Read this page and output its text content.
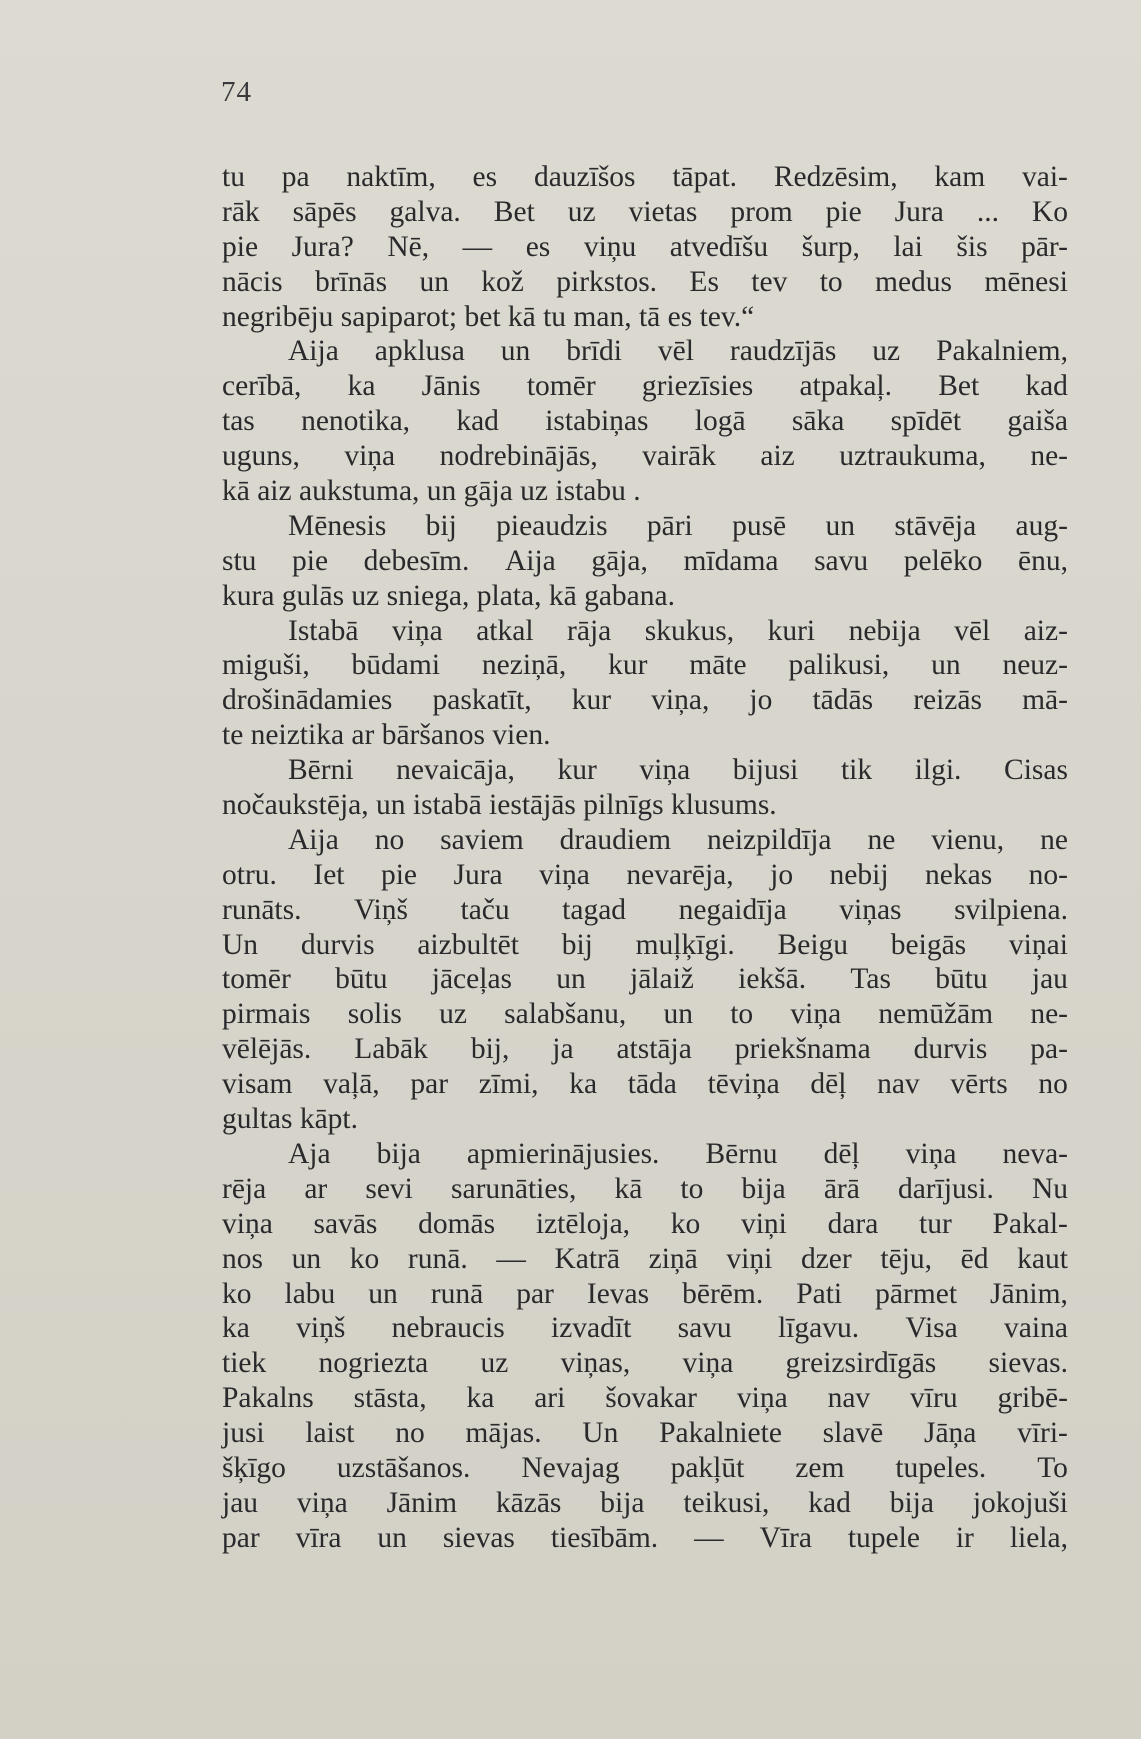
74
tu pa naktīm, es dauzīšos tāpat. Redzēsim, kam vai-
rāk sāpēs galva. Bet uz vietas prom pie Jura ... Ko
pie Jura? Nē, — es viņu atvedīšu šurp, lai šis pār-
nācis brīnās un kož pirkstos. Es tev to medus mēnesi
negribēju sapiparot; bet kā tu man, tā es tev.“
Aija apklusa un brīdi vēl raudzījās uz Pakalniem,
cerībā, ka Jānis tomēr griezīsies atpakaļ. Bet kad
tas nenotika, kad istabiņas logā sāka spīdēt gaiša
uguns, viņa nodrebinājās, vairāk aiz uztraukuma, ne-
kā aiz aukstuma, un gāja uz istabu .
Mēnesis bij pieaudzis pāri pusē un stāvēja aug-
stu pie debesīm. Aija gāja, mīdama savu pelēko ēnu,
kura gulās uz sniega, plata, kā gabana.
Istabā viņa atkal rāja skukus, kuri nebija vēl aiz-
miguši, būdami neziņā, kur māte palikusi, un neuz-
drošinādamies paskatīt, kur viņa, jo tādās reizās mā-
te neiztika ar bāršanos vien.
Bērni nevaicāja, kur viņa bijusi tik ilgi. Cisas
nočaukstēja, un istabā iestājās pilnīgs klusums.
Aija no saviem draudiem neizpildīja ne vienu, ne
otru. Iet pie Jura viņa nevarēja, jo nebij nekas no-
runāts. Viņš taču tagad negaidīja viņas svilpiena.
Un durvis aizbultēt bij muļķīgi. Beigu beigās viņai
tomēr būtu jāceļas un jālaiž iekšā. Tas būtu jau
pirmais solis uz salabšanu, un to viņa nemūžām ne-
vēlējās. Labāk bij, ja atstāja priekšnama durvis pa-
visam vaļā, par zīmi, ka tāda tēviņa dēļ nav vērts no
gultas kāpt.
Aja bija apmierinājusies. Bērnu dēļ viņa neva-
rēja ar sevi sarunāties, kā to bija ārā darījusi. Nu
viņa savās domās iztēloja, ko viņi dara tur Pakal-
nos un ko runā. — Katrā ziņā viņi dzer tēju, ēd kaut
ko labu un runā par Ievas bērēm. Pati pārmet Jānim,
ka viņš nebraucis izvadīt savu līgavu. Visa vaina
tiek nogriezta uz viņas, viņa greizsirdīgās sievas.
Pakalns stāsta, ka ari šovakar viņa nav vīru gribē-
jusi laist no mājas. Un Pakalniete slavē Jāņa vīri-
šķīgo uzstāšanos. Nevajag pakļūt zem tupeles. To
jau viņa Jānim kāzās bija teikusi, kad bija jokojuši
par vīra un sievas tiesībām. — Vīra tupele ir liela,
